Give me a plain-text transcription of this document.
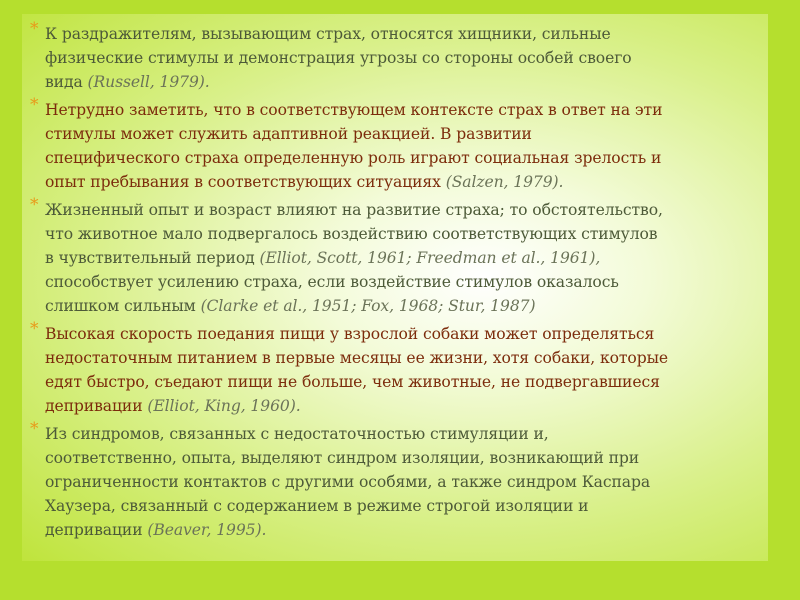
* К раздражителям, вызывающим страх, относятся хищники, сильные
физические стимулы и демонстрация угрозы со стороны особей своего
вида (Russell, 1979).
* Нетрудно заметить, что в соответствующем контексте страх в ответ на эти
стимулы может служить адаптивной реакцией. В развитии
специфического страха определенную роль играют социальная зрелость и
опыт пребывания в соответствующих ситуациях (Salzen, 1979).
* Жизненный опыт и возраст влияют на развитие страха; то обстоятельство,
что животное мало подвергалось воздействию соответствующих стимулов
в чувствительный период (Elliot, Scott, 1961; Freedman et al., 1961),
способствует усилению страха, если воздействие стимулов оказалось
слишком сильным (Clarke et al., 1951; Fox, 1968; Stur, 1987)
* Высокая скорость поедания пищи у взрослой собаки может определяться
недостаточным питанием в первые месяцы ее жизни, хотя собаки, которые
едят быстро, съедают пищи не больше, чем животные, не подвергавшиеся
депривации (Elliot, King, 1960).
* Из синдромов, связанных с недостаточностью стимуляции и,
соответственно, опыта, выделяют синдром изоляции, возникающий при
ограниченности контактов с другими особями, а также синдром Каспара
Хаузера, связанный с содержанием в режиме строгой изоляции и
депривации (Beaver, 1995).
